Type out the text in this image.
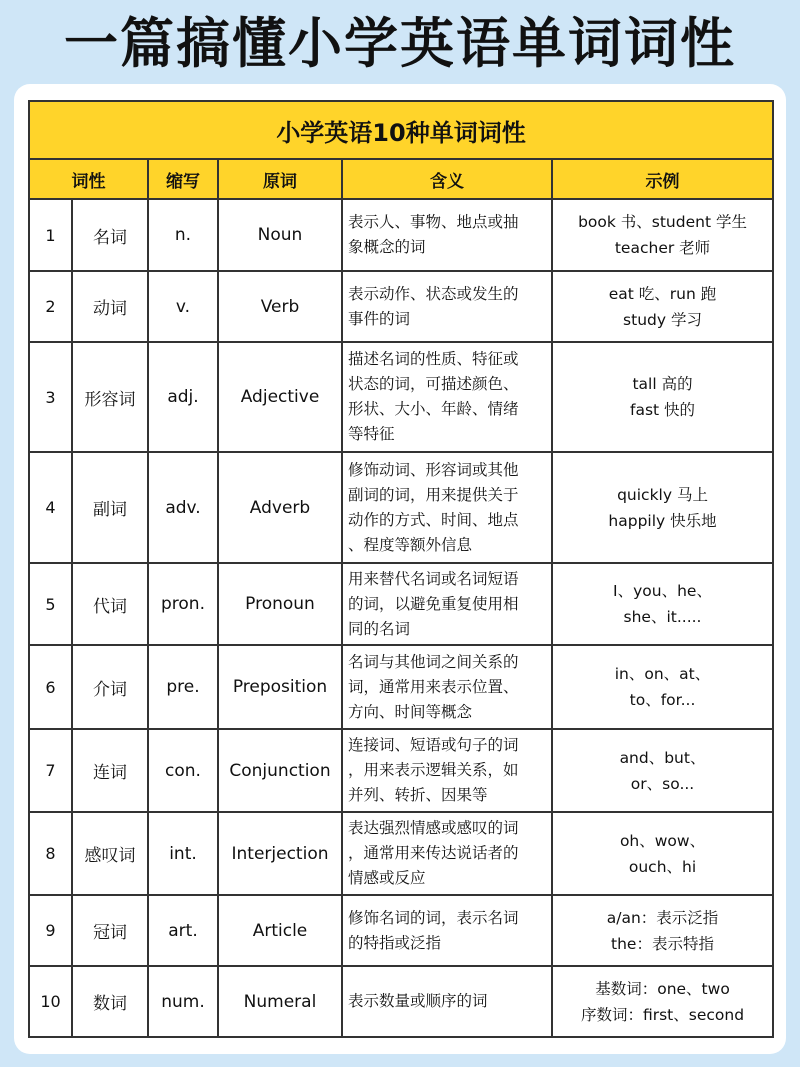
一篇搞懂小学英语单词词性
小学英语10种单词词性					
词性		缩写	原词	含义	示例
1	名词	n.	Noun	表示人、事物、地点或抽
象概念的词	book 书、student 学生
teacher 老师

2	动词	v.	Verb	表示动作、状态或发生的
事件的词	eat 吃、run 跑
study 学习

3	形容词	adj.	Adjective	描述名词的性质、特征或
状态的词，可描述颜色、
形状、大小、年龄、情绪
等特征	tall 高的
fast 快的

4	副词	adv.	Adverb	修饰动词、形容词或其他
副词的词，用来提供关于
动作的方式、时间、地点
、程度等额外信息	quickly 马上
happily 快乐地

5	代词	pron.	Pronoun	用来替代名词或名词短语
的词，以避免重复使用相
同的名词	I、you、he、
she、it.....

6	介词	pre.	Preposition	名词与其他词之间关系的
词，通常用来表示位置、
方向、时间等概念	in、on、at、
to、for...

7	连词	con.	Conjunction	连接词、短语或句子的词
，用来表示逻辑关系，如
并列、转折、因果等	and、but、
or、so...

8	感叹词	int.	Interjection	表达强烈情感或感叹的词
，通常用来传达说话者的
情感或反应	oh、wow、
ouch、hi

9	冠词	art.	Article	修饰名词的词，表示名词
的特指或泛指	a/an：表示泛指
the：表示特指

10	数词	num.	Numeral	表示数量或顺序的词	基数词：one、two
序数词：first、second
